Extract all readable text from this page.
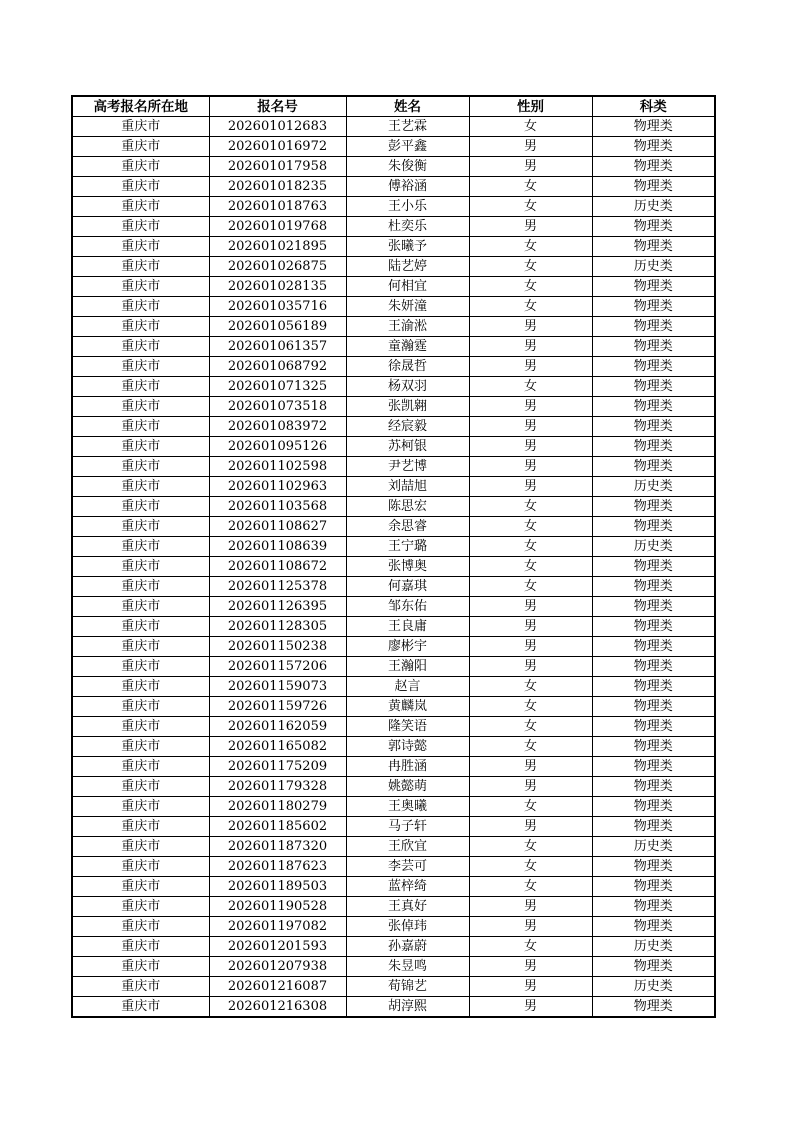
高考报名所在地	报名号	姓名	性别	科类
重庆市	202601012683	王艺霖	女	物理类
重庆市	202601016972	彭平鑫	男	物理类
重庆市	202601017958	朱俊衡	男	物理类
重庆市	202601018235	傅裕涵	女	物理类
重庆市	202601018763	王小乐	女	历史类
重庆市	202601019768	杜奕乐	男	物理类
重庆市	202601021895	张曦予	女	物理类
重庆市	202601026875	陆艺婷	女	历史类
重庆市	202601028135	何相宜	女	物理类
重庆市	202601035716	朱妍潼	女	物理类
重庆市	202601056189	王渝淞	男	物理类
重庆市	202601061357	童瀚霆	男	物理类
重庆市	202601068792	徐晟哲	男	物理类
重庆市	202601071325	杨双羽	女	物理类
重庆市	202601073518	张凯翱	男	物理类
重庆市	202601083972	经宸毅	男	物理类
重庆市	202601095126	苏柯银	男	物理类
重庆市	202601102598	尹艺博	男	物理类
重庆市	202601102963	刘喆旭	男	历史类
重庆市	202601103568	陈思宏	女	物理类
重庆市	202601108627	余思睿	女	物理类
重庆市	202601108639	王宁璐	女	历史类
重庆市	202601108672	张博奥	女	物理类
重庆市	202601125378	何嘉琪	女	物理类
重庆市	202601126395	邹东佑	男	物理类
重庆市	202601128305	王良庸	男	物理类
重庆市	202601150238	廖彬宇	男	物理类
重庆市	202601157206	王瀚阳	男	物理类
重庆市	202601159073	赵言	女	物理类
重庆市	202601159726	黄麟岚	女	物理类
重庆市	202601162059	隆笑语	女	物理类
重庆市	202601165082	郭诗懿	女	物理类
重庆市	202601175209	冉胜涵	男	物理类
重庆市	202601179328	姚懿萌	男	物理类
重庆市	202601180279	王奥曦	女	物理类
重庆市	202601185602	马子轩	男	物理类
重庆市	202601187320	王欣宜	女	历史类
重庆市	202601187623	李芸可	女	物理类
重庆市	202601189503	蓝梓绮	女	物理类
重庆市	202601190528	王真好	男	物理类
重庆市	202601197082	张倬玮	男	物理类
重庆市	202601201593	孙嘉蔚	女	历史类
重庆市	202601207938	朱昱鸣	男	物理类
重庆市	202601216087	荀锦艺	男	历史类
重庆市	202601216308	胡淳熙	男	物理类
